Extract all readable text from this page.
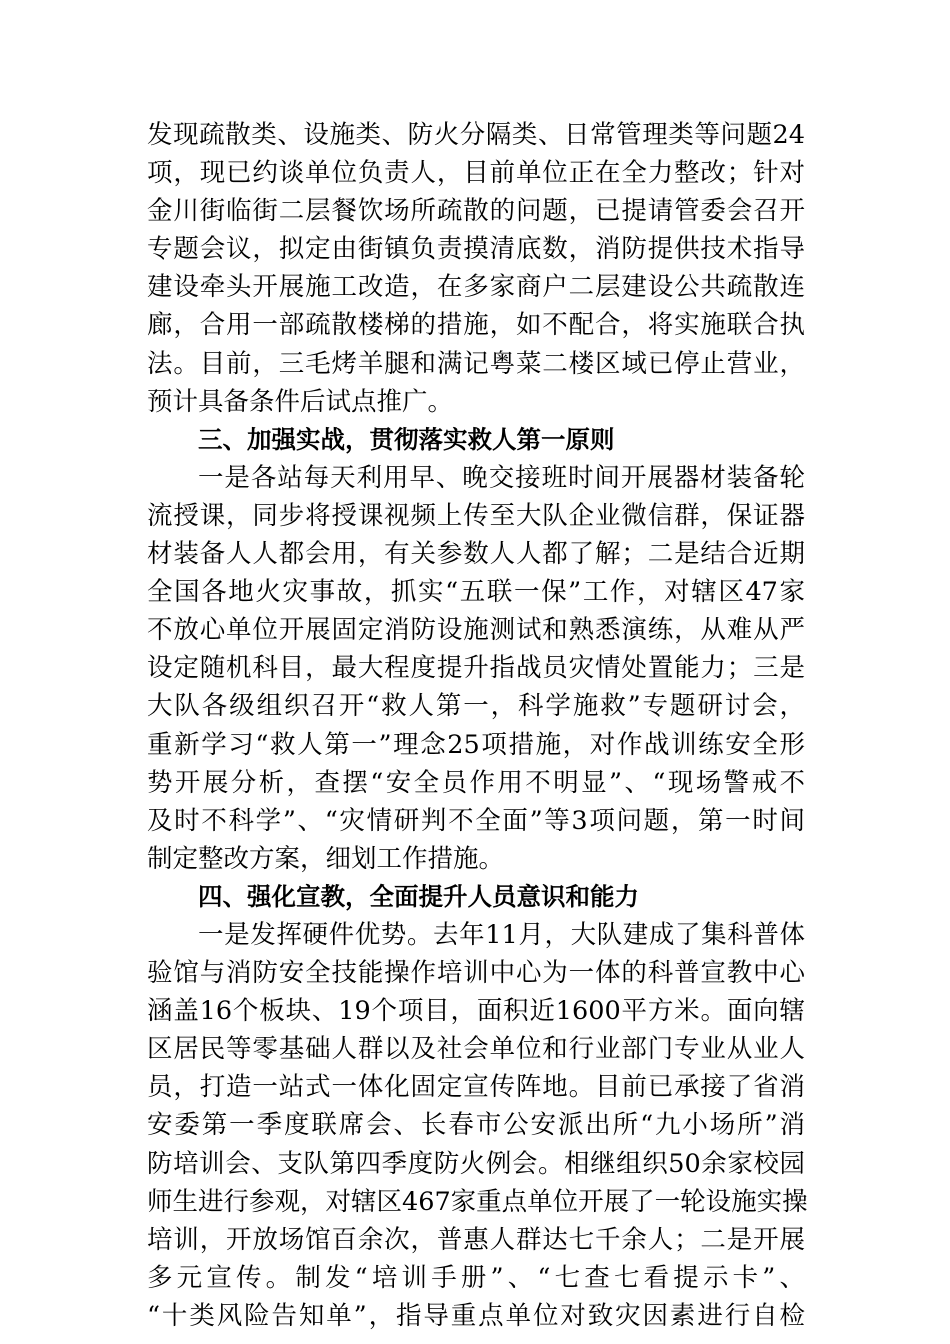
发现疏散类、设施类、防火分隔类、日常管理类等问题24
项，现已约谈单位负责人，目前单位正在全力整改；针对
金川街临街二层餐饮场所疏散的问题，已提请管委会召开
专题会议，拟定由街镇负责摸清底数，消防提供技术指导
建设牵头开展施工改造，在多家商户二层建设公共疏散连
廊，合用一部疏散楼梯的措施，如不配合，将实施联合执
法。目前，三毛烤羊腿和满记粤菜二楼区域已停止营业，
预计具备条件后试点推广。
三、加强实战，贯彻落实救人第一原则
一是各站每天利用早、晚交接班时间开展器材装备轮
流授课，同步将授课视频上传至大队企业微信群，保证器
材装备人人都会用，有关参数人人都了解；二是结合近期
全国各地火灾事故，抓实“五联一保”工作，对辖区47家
不放心单位开展固定消防设施测试和熟悉演练，从难从严
设定随机科目，最大程度提升指战员灾情处置能力；三是
大队各级组织召开“救人第一，科学施救”专题研讨会，
重新学习“救人第一”理念25项措施，对作战训练安全形
势开展分析，查摆“安全员作用不明显”、“现场警戒不
及时不科学”、“灾情研判不全面”等3项问题，第一时间
制定整改方案，细划工作措施。
四、强化宣教，全面提升人员意识和能力
一是发挥硬件优势。去年11月，大队建成了集科普体
验馆与消防安全技能操作培训中心为一体的科普宣教中心
涵盖16个板块、19个项目，面积近1600平方米。面向辖
区居民等零基础人群以及社会单位和行业部门专业从业人
员，打造一站式一体化固定宣传阵地。目前已承接了省消
安委第一季度联席会、长春市公安派出所“九小场所”消
防培训会、支队第四季度防火例会。相继组织50余家校园
师生进行参观，对辖区467家重点单位开展了一轮设施实操
培训，开放场馆百余次，普惠人群达七千余人；二是开展
多元宣传。制发“培训手册”、“七查七看提示卡”、
“十类风险告知单”，指导重点单位对致灾因素进行自检
